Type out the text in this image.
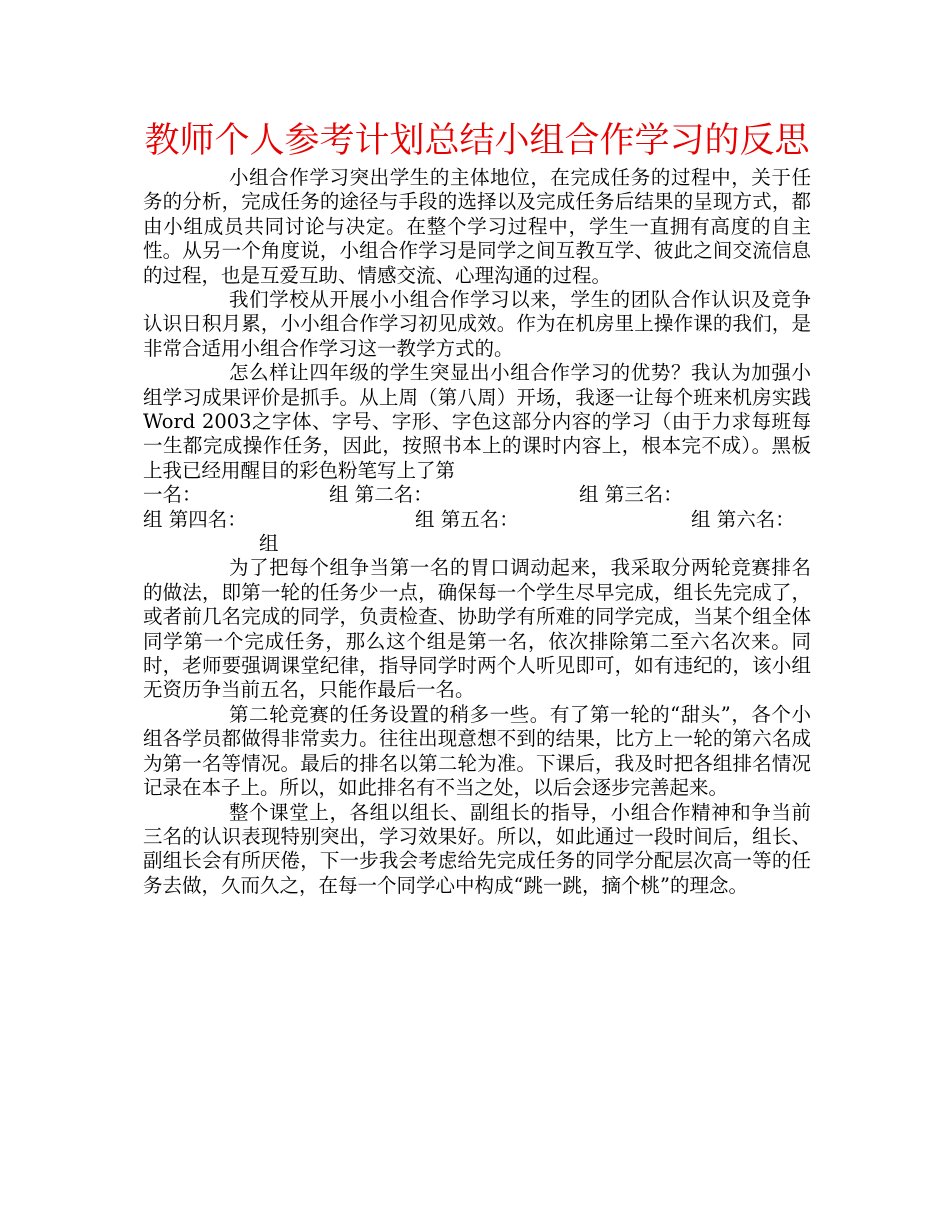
教师个人参考计划总结小组合作学习的反思

小组合作学习突出学生的主体地位，在完成任务的过程中，关于任务的分析，完成任务的途径与手段的选择以及完成任务后结果的呈现方式，都由小组成员共同讨论与决定。在整个学习过程中，学生一直拥有高度的自主性。从另一个角度说，小组合作学习是同学之间互教互学、彼此之间交流信息的过程，也是互爱互助、情感交流、心理沟通的过程。

我们学校从开展小小组合作学习以来，学生的团队合作认识及竞争认识日积月累，小小组合作学习初见成效。作为在机房里上操作课的我们，是非常合适用小组合作学习这一教学方式的。

怎么样让四年级的学生突显出小组合作学习的优势？我认为加强小组学习成果评价是抓手。从上周（第八周）开场，我逐一让每个班来机房实践Word 2003之字体、字号、字形、字色这部分内容的学习（由于力求每班每一生都完成操作任务，因此，按照书本上的课时内容上，根本完不成）。黑板上我已经用醒目的彩色粉笔写上了第

一名：	组 第二名：	组 第三名：
组 第四名：	组 第五名：	组 第六名：
组

为了把每个组争当第一名的胃口调动起来，我采取分两轮竞赛排名的做法，即第一轮的任务少一点，确保每一个学生尽早完成，组长先完成了，或者前几名完成的同学，负责检查、协助学有所难的同学完成，当某个组全体同学第一个完成任务，那么这个组是第一名，依次排除第二至六名次来。同时，老师要强调课堂纪律，指导同学时两个人听见即可，如有违纪的，该小组无资历争当前五名，只能作最后一名。

第二轮竞赛的任务设置的稍多一些。有了第一轮的“甜头”，各个小组各学员都做得非常卖力。往往出现意想不到的结果，比方上一轮的第六名成为第一名等情况。最后的排名以第二轮为准。下课后，我及时把各组排名情况记录在本子上。所以，如此排名有不当之处，以后会逐步完善起来。

整个课堂上，各组以组长、副组长的指导，小组合作精神和争当前三名的认识表现特别突出，学习效果好。所以，如此通过一段时间后，组长、副组长会有所厌倦，下一步我会考虑给先完成任务的同学分配层次高一等的任务去做，久而久之，在每一个同学心中构成“跳一跳，摘个桃”的理念。
